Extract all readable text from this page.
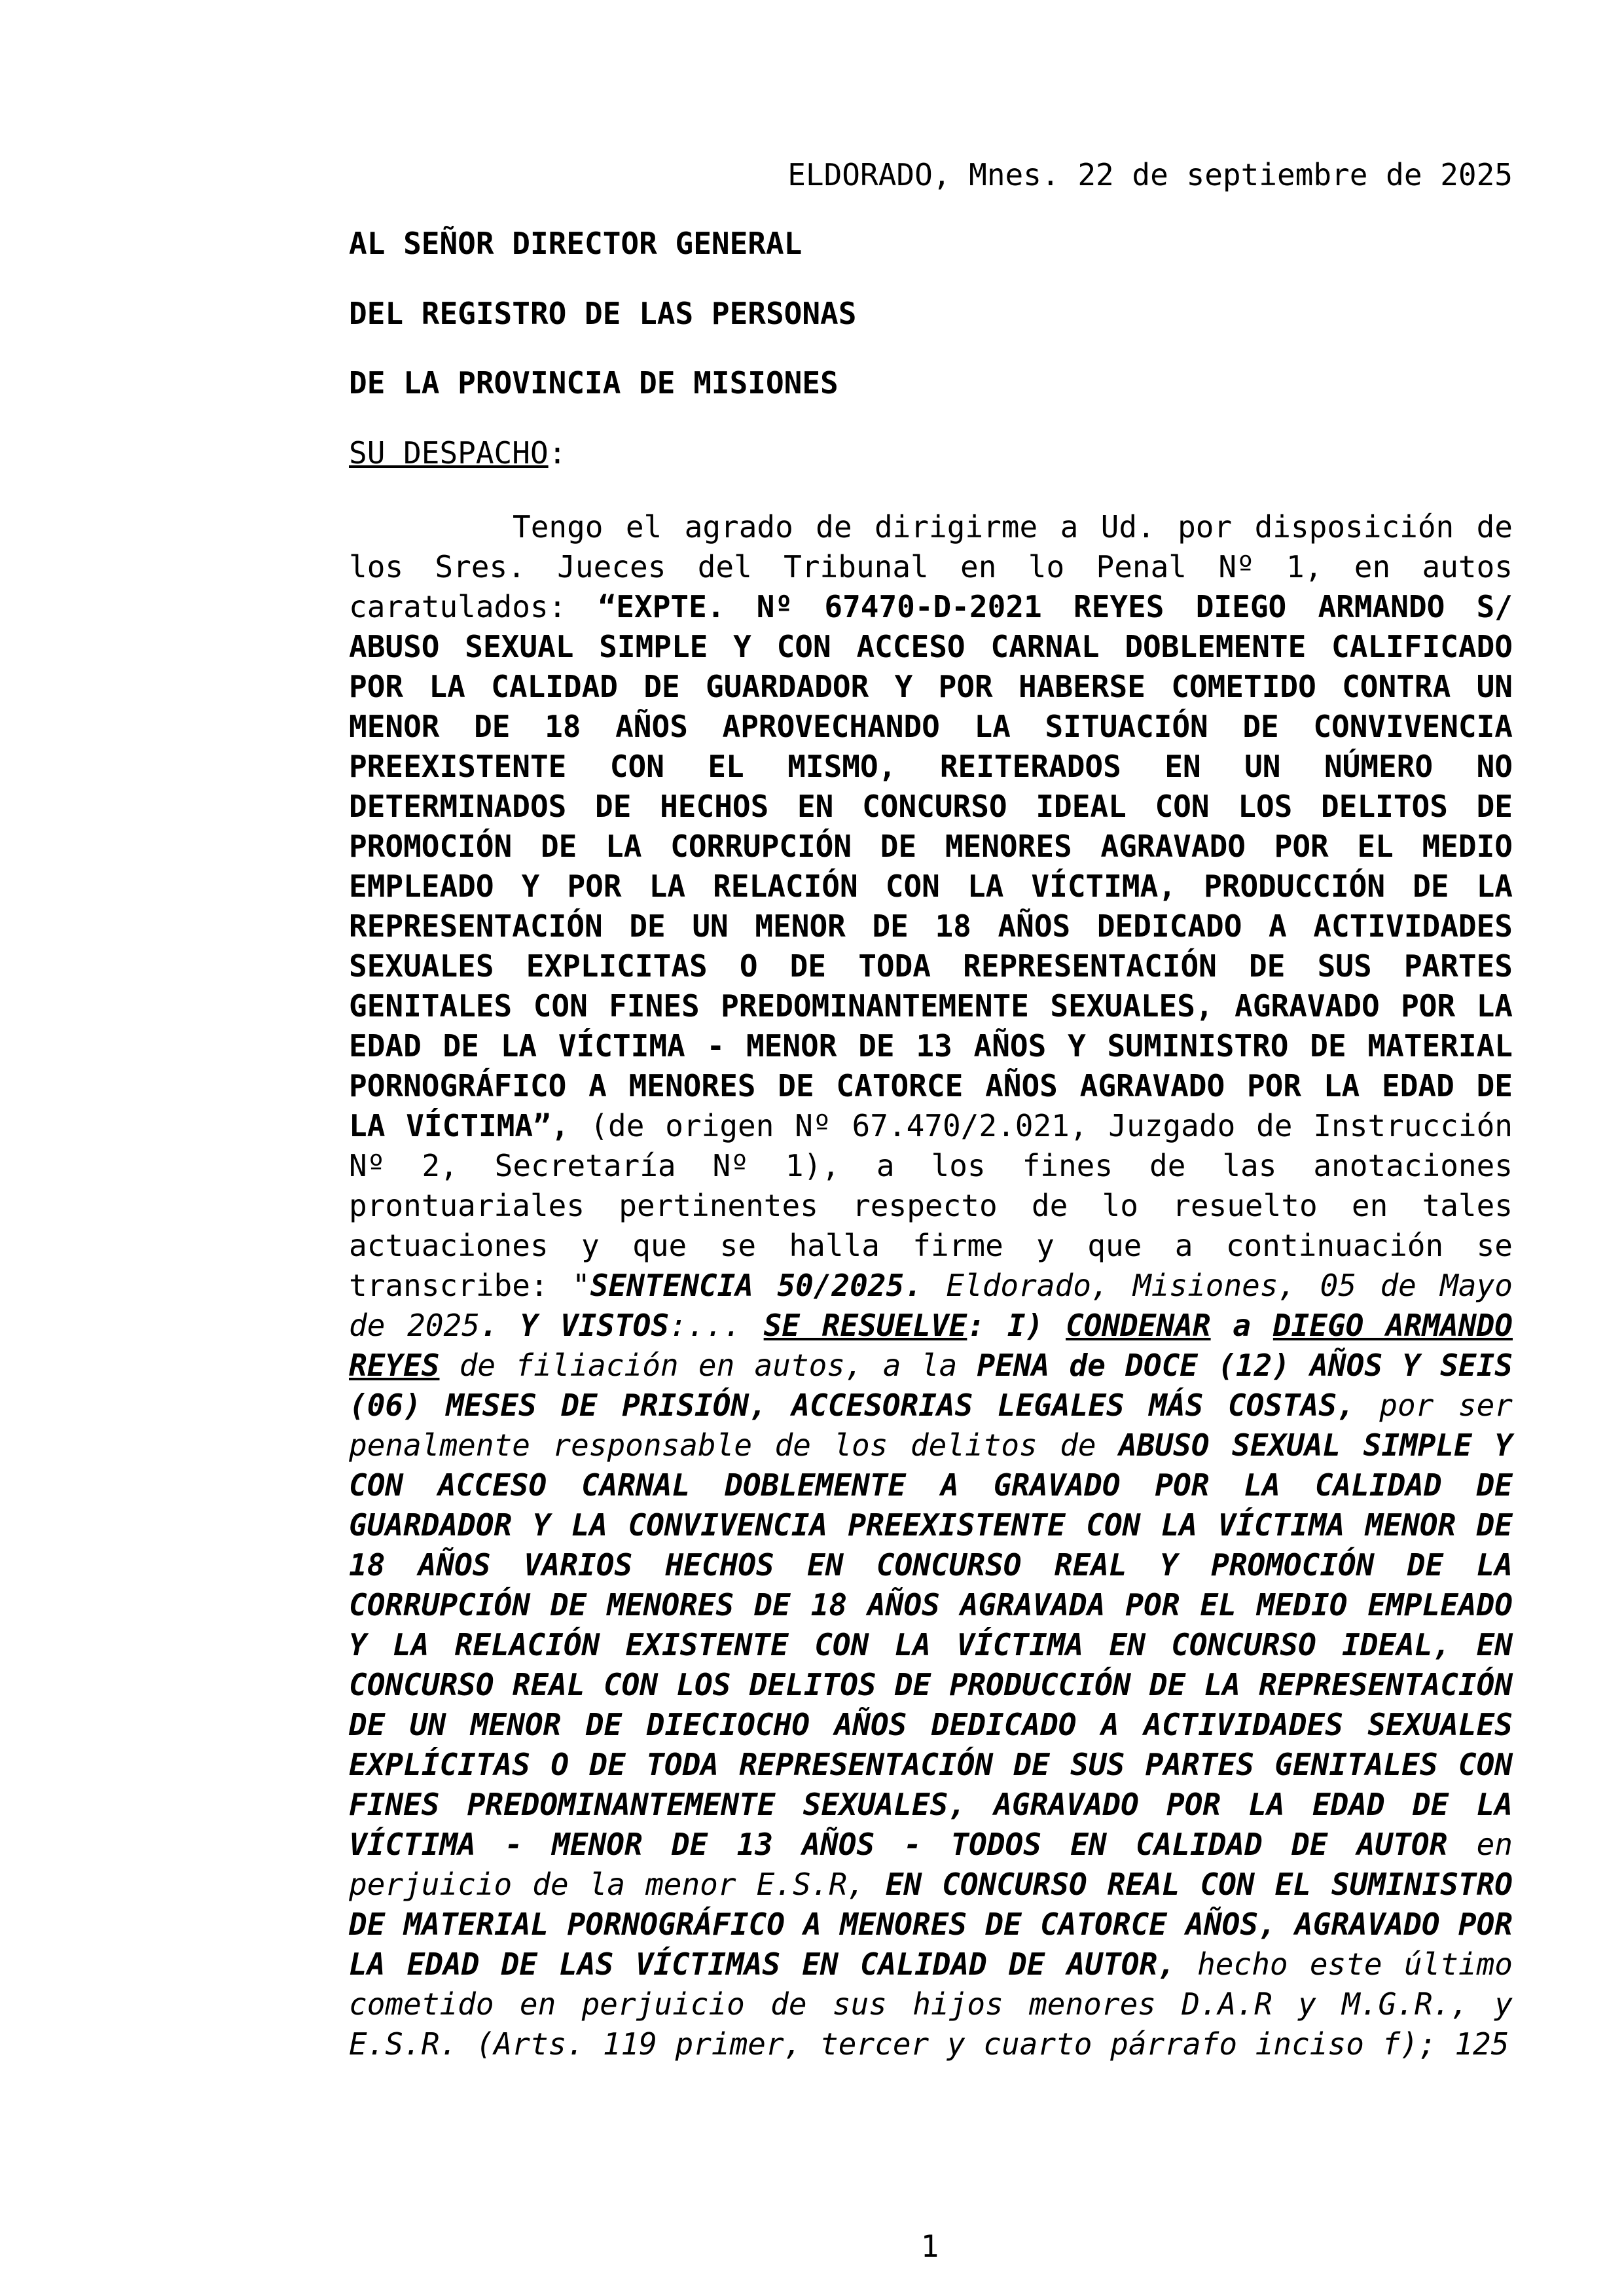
ELDORADO, Mnes. 22 de septiembre de 2025
AL SEÑOR DIRECTOR GENERAL
DEL REGISTRO DE LAS PERSONAS
DE LA PROVINCIA DE MISIONES
SU DESPACHO:
Tengo el agrado de dirigirme a Ud. por disposición de los Sres. Jueces del Tribunal en lo Penal Nº 1, en autos caratulados: “EXPTE. Nº 67470-D-2021 REYES DIEGO ARMANDO S/ ABUSO SEXUAL SIMPLE Y CON ACCESO CARNAL DOBLEMENTE CALIFICADO POR LA CALIDAD DE GUARDADOR Y POR HABERSE COMETIDO CONTRA UN MENOR DE 18 AÑOS APROVECHANDO LA SITUACIÓN DE CONVIVENCIA PREEXISTENTE CON EL MISMO, REITERADOS EN UN NÚMERO NO DETERMINADOS DE HECHOS EN CONCURSO IDEAL CON LOS DELITOS DE PROMOCIÓN DE LA CORRUPCIÓN DE MENORES AGRAVADO POR EL MEDIO EMPLEADO Y POR LA RELACIÓN CON LA VÍCTIMA, PRODUCCIÓN DE LA REPRESENTACIÓN DE UN MENOR DE 18 AÑOS DEDICADO A ACTIVIDADES SEXUALES EXPLICITAS O DE TODA REPRESENTACIÓN DE SUS PARTES GENITALES CON FINES PREDOMINANTEMENTE SEXUALES, AGRAVADO POR LA EDAD DE LA VÍCTIMA - MENOR DE 13 AÑOS Y SUMINISTRO DE MATERIAL PORNOGRÁFICO A MENORES DE CATORCE AÑOS AGRAVADO POR LA EDAD DE LA VÍCTIMA”, (de origen Nº 67.470/2.021, Juzgado de Instrucción Nº 2, Secretaría Nº 1), a los fines de las anotaciones prontuariales pertinentes respecto de lo resuelto en tales actuaciones y que se halla firme y que a continuación se transcribe: "SENTENCIA 50/2025. Eldorado, Misiones, 05 de Mayo de 2025. Y VISTOS:... SE RESUELVE: I) CONDENAR a DIEGO ARMANDO REYES de filiación en autos, a la PENA de DOCE (12) AÑOS Y SEIS (06) MESES DE PRISIÓN, ACCESORIAS LEGALES MÁS COSTAS, por ser penalmente responsable de los delitos de ABUSO SEXUAL SIMPLE Y CON ACCESO CARNAL DOBLEMENTE A GRAVADO POR LA CALIDAD DE GUARDADOR Y LA CONVIVENCIA PREEXISTENTE CON LA VÍCTIMA MENOR DE 18 AÑOS VARIOS HECHOS EN CONCURSO REAL Y PROMOCIÓN DE LA CORRUPCIÓN DE MENORES DE 18 AÑOS AGRAVADA POR EL MEDIO EMPLEADO Y LA RELACIÓN EXISTENTE CON LA VÍCTIMA EN CONCURSO IDEAL, EN CONCURSO REAL CON LOS DELITOS DE PRODUCCIÓN DE LA REPRESENTACIÓN DE UN MENOR DE DIECIOCHO AÑOS DEDICADO A ACTIVIDADES SEXUALES EXPLÍCITAS O DE TODA REPRESENTACIÓN DE SUS PARTES GENITALES CON FINES PREDOMINANTEMENTE SEXUALES, AGRAVADO POR LA EDAD DE LA VÍCTIMA - MENOR DE 13 AÑOS - TODOS EN CALIDAD DE AUTOR en perjuicio de la menor E.S.R, EN CONCURSO REAL CON EL SUMINISTRO DE MATERIAL PORNOGRÁFICO A MENORES DE CATORCE AÑOS, AGRAVADO POR LA EDAD DE LAS VÍCTIMAS EN CALIDAD DE AUTOR, hecho este último cometido en perjuicio de sus hijos menores D.A.R y M.G.R., y E.S.R. (Arts. 119 primer, tercer y cuarto párrafo inciso f); 125
1
